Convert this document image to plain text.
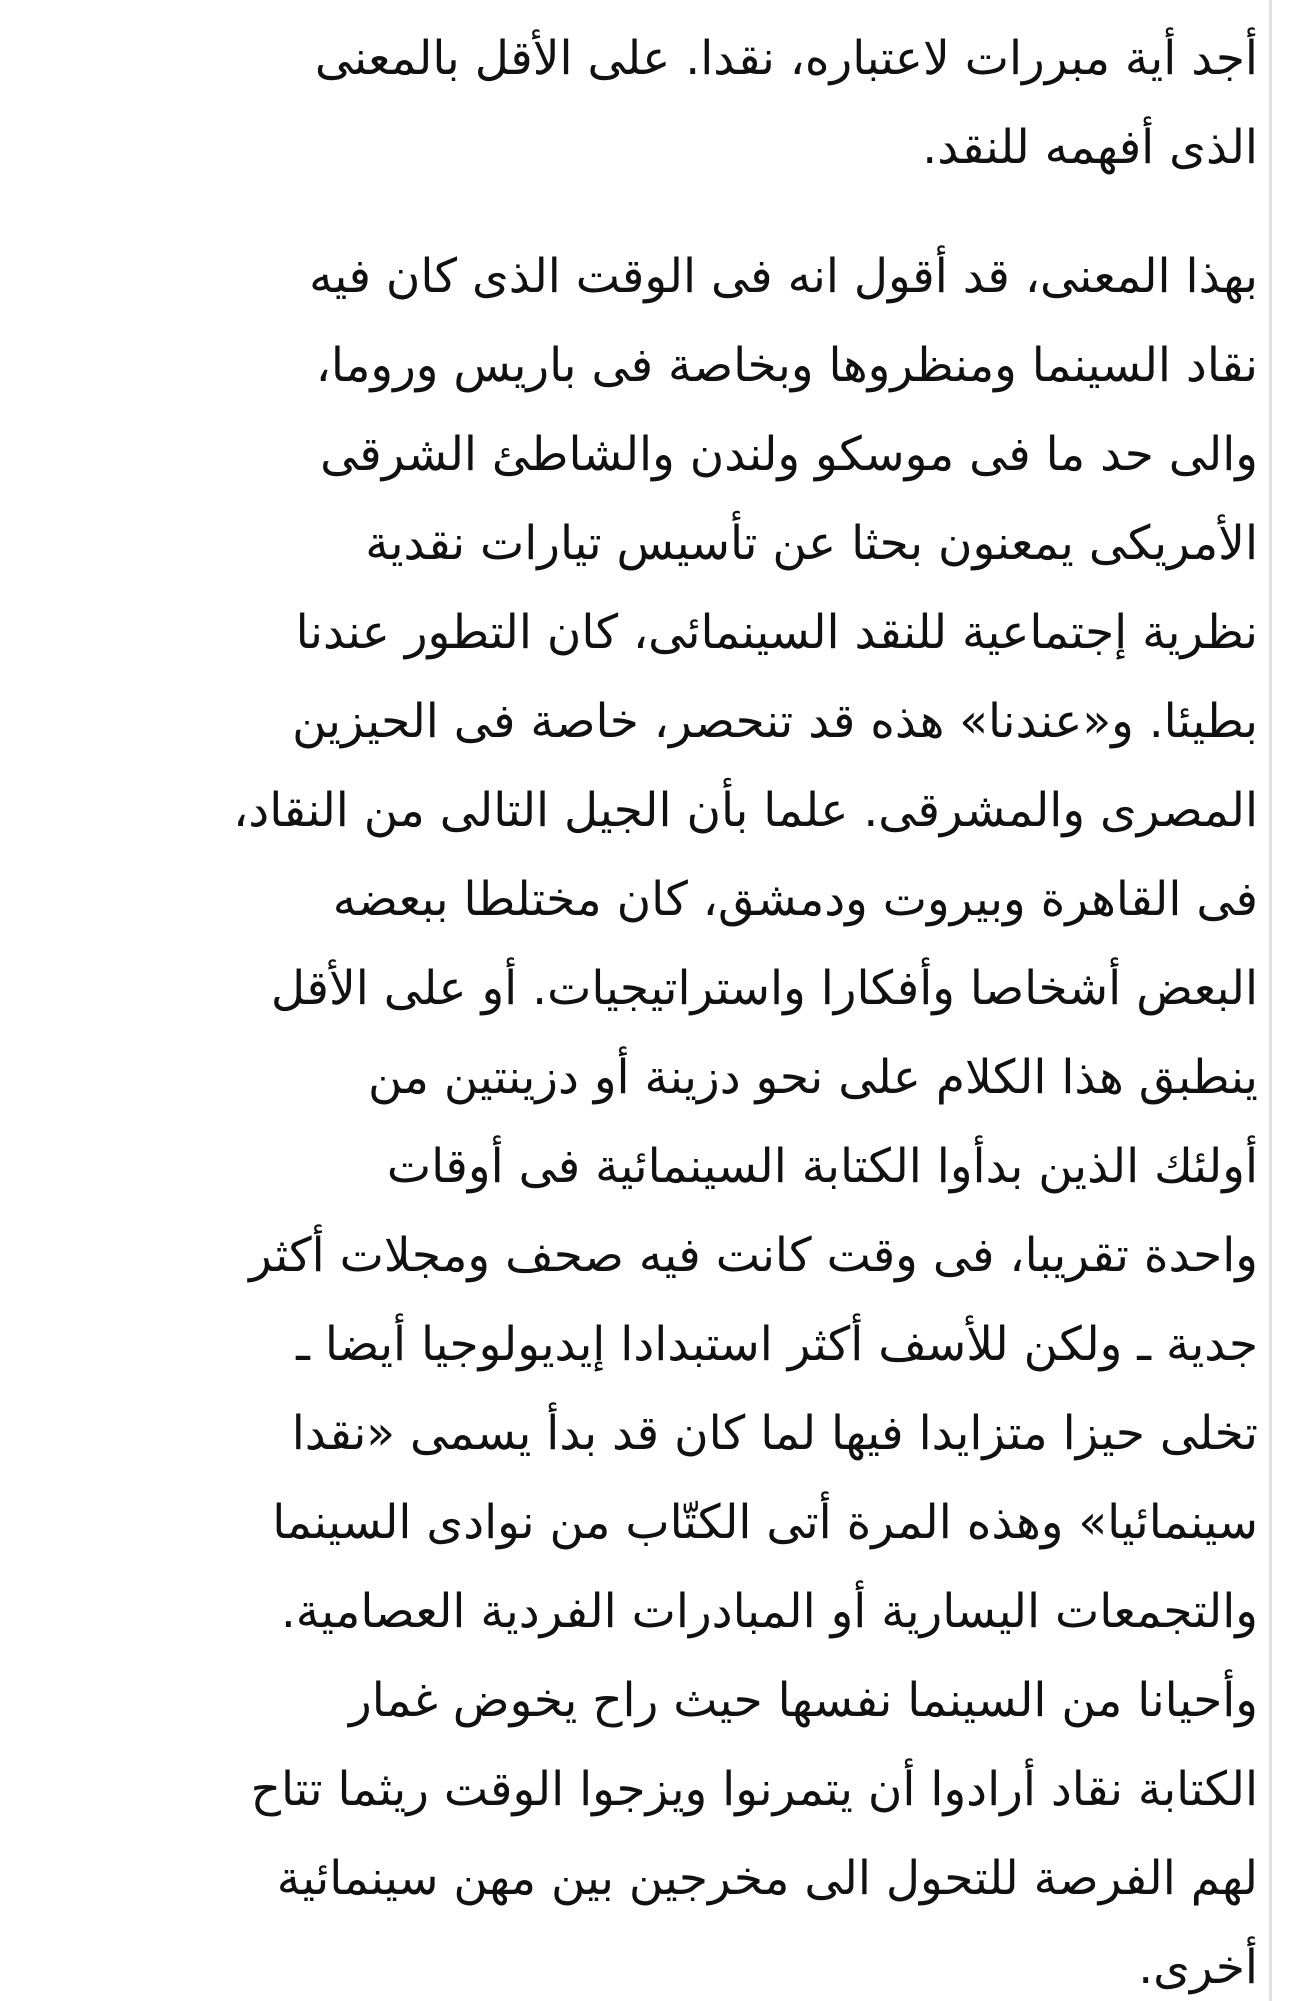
أجد أية مبررات لاعتباره، نقدا. على الأقل بالمعنى
الذى أفهمه للنقد.

بهذا المعنى، قد أقول انه فى الوقت الذى كان فيه
نقاد السينما ومنظروها وبخاصة فى باريس وروما،
والى حد ما فى موسكو ولندن والشاطئ الشرقى
الأمريكى يمعنون بحثا عن تأسيس تيارات نقدية
نظرية إجتماعية للنقد السينمائى، كان التطور عندنا
بطيئا. و«عندنا» هذه قد تنحصر، خاصة فى الحيزين
المصرى والمشرقى. علما بأن الجيل التالى من النقاد،
فى القاهرة وبيروت ودمشق، كان مختلطا ببعضه
البعض أشخاصا وأفكارا واستراتيجيات. أو على الأقل
ينطبق هذا الكلام على نحو دزينة أو دزينتين من
أولئك الذين بدأوا الكتابة السينمائية فى أوقات
واحدة تقريبا، فى وقت كانت فيه صحف ومجلات أكثر
جدية ـ ولكن للأسف أكثر استبدادا إيديولوجيا أيضا ـ
تخلى حيزا متزايدا فيها لما كان قد بدأ يسمى «نقدا
سينمائيا» وهذه المرة أتى الكتّاب من نوادى السينما
والتجمعات اليسارية أو المبادرات الفردية العصامية.
وأحيانا من السينما نفسها حيث راح يخوض غمار
الكتابة نقاد أرادوا أن يتمرنوا ويزجوا الوقت ريثما تتاح
لهم الفرصة للتحول الى مخرجين بين مهن سينمائية
أخرى.
